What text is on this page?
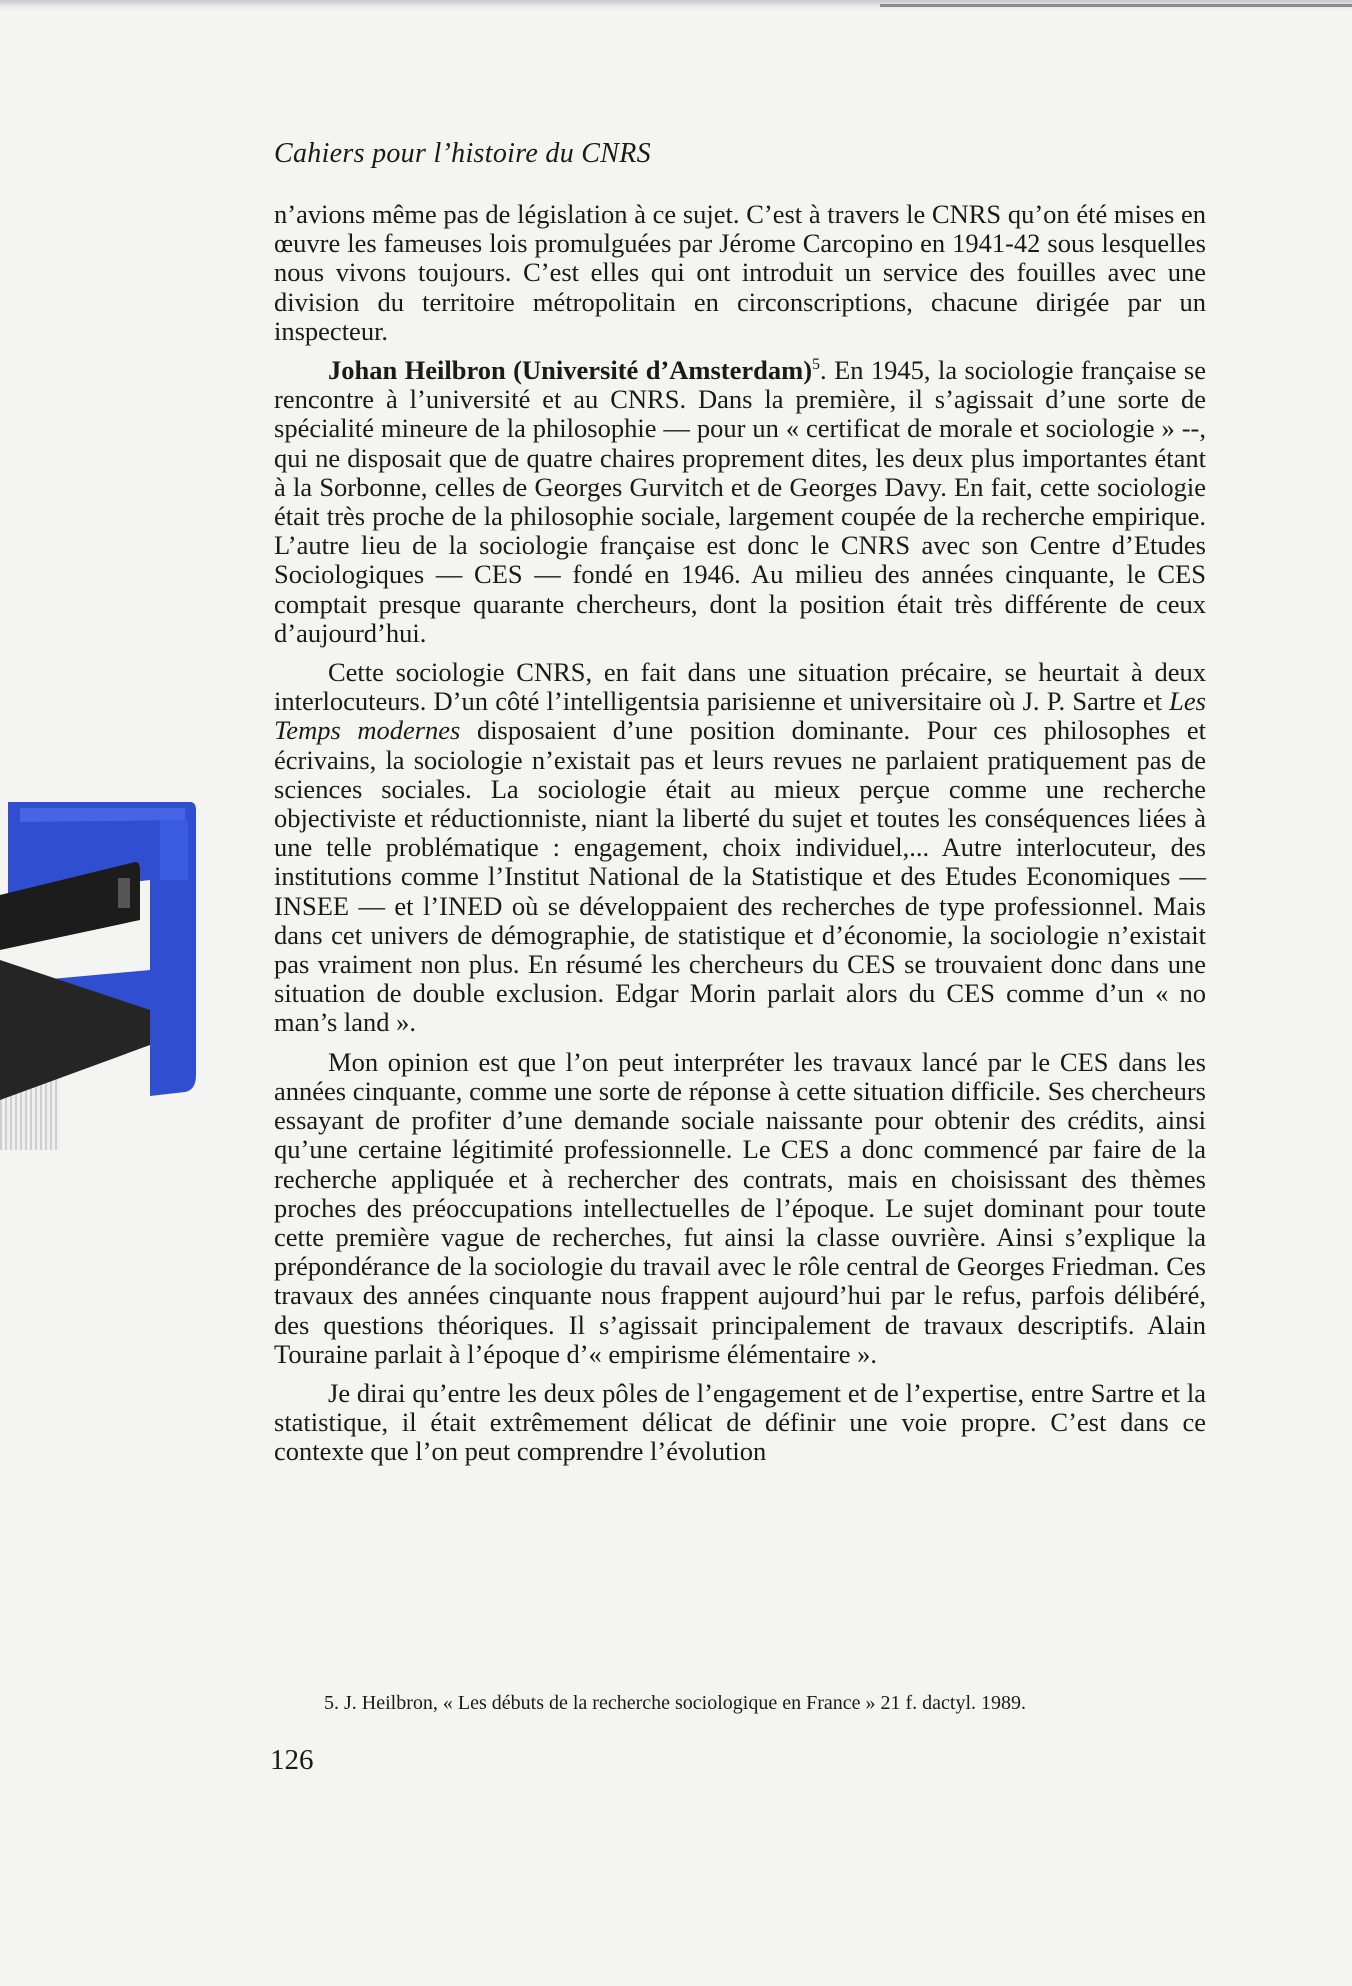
Cahiers pour l’histoire du CNRS

n’avions même pas de législation à ce sujet. C’est à travers le CNRS qu’on été mises en œuvre les fameuses lois promulguées par Jérome Carcopino en 1941-42 sous lesquelles nous vivons toujours. C’est elles qui ont introduit un service des fouilles avec une division du territoire métropolitain en circonscriptions, chacune dirigée par un inspecteur.

Johan Heilbron (Université d’Amsterdam)$^5$. En 1945, la sociologie française se rencontre à l’université et au CNRS. Dans la première, il s’agissait d’une sorte de spécialité mineure de la philosophie — pour un « certificat de morale et sociologie » --, qui ne disposait que de quatre chaires proprement dites, les deux plus importantes étant à la Sorbonne, celles de Georges Gurvitch et de Georges Davy. En fait, cette sociologie était très proche de la philosophie sociale, largement coupée de la recherche empirique. L’autre lieu de la sociologie française est donc le CNRS avec son Centre d’Etudes Sociologiques — CES — fondé en 1946. Au milieu des années cinquante, le CES comptait presque quarante chercheurs, dont la position était très différente de ceux d’aujourd’hui.

Cette sociologie CNRS, en fait dans une situation précaire, se heurtait à deux interlocuteurs. D’un côté l’intelligentsia parisienne et universitaire où J. P. Sartre et Les Temps modernes disposaient d’une position dominante. Pour ces philosophes et écrivains, la sociologie n’existait pas et leurs revues ne parlaient pratiquement pas de sciences sociales. La sociologie était au mieux perçue comme une recherche objectiviste et réductionniste, niant la liberté du sujet et toutes les conséquences liées à une telle problématique : engagement, choix individuel,... Autre interlocuteur, des institutions comme l’Institut National de la Statistique et des Etudes Economiques — INSEE — et l’INED où se développaient des recherches de type professionnel. Mais dans cet univers de démographie, de statistique et d’économie, la sociologie n’existait pas vraiment non plus. En résumé les chercheurs du CES se trouvaient donc dans une situation de double exclusion. Edgar Morin parlait alors du CES comme d’un « no man’s land ».

Mon opinion est que l’on peut interpréter les travaux lancé par le CES dans les années cinquante, comme une sorte de réponse à cette situation difficile. Ses chercheurs essayant de profiter d’une demande sociale naissante pour obtenir des crédits, ainsi qu’une certaine légitimité professionnelle. Le CES a donc commencé par faire de la recherche appliquée et à rechercher des contrats, mais en choisissant des thèmes proches des préoccupations intellectuelles de l’époque. Le sujet dominant pour toute cette première vague de recherches, fut ainsi la classe ouvrière. Ainsi s’explique la prépondérance de la sociologie du travail avec le rôle central de Georges Friedman. Ces travaux des années cinquante nous frappent aujourd’hui par le refus, parfois délibéré, des questions théoriques. Il s’agissait principalement de travaux descriptifs. Alain Touraine parlait à l’époque d’« empirisme élémentaire ».

Je dirai qu’entre les deux pôles de l’engagement et de l’expertise, entre Sartre et la statistique, il était extrêmement délicat de définir une voie propre. C’est dans ce contexte que l’on peut comprendre l’évolution

5. J. Heilbron, « Les débuts de la recherche sociologique en France » 21 f. dactyl. 1989.
126
